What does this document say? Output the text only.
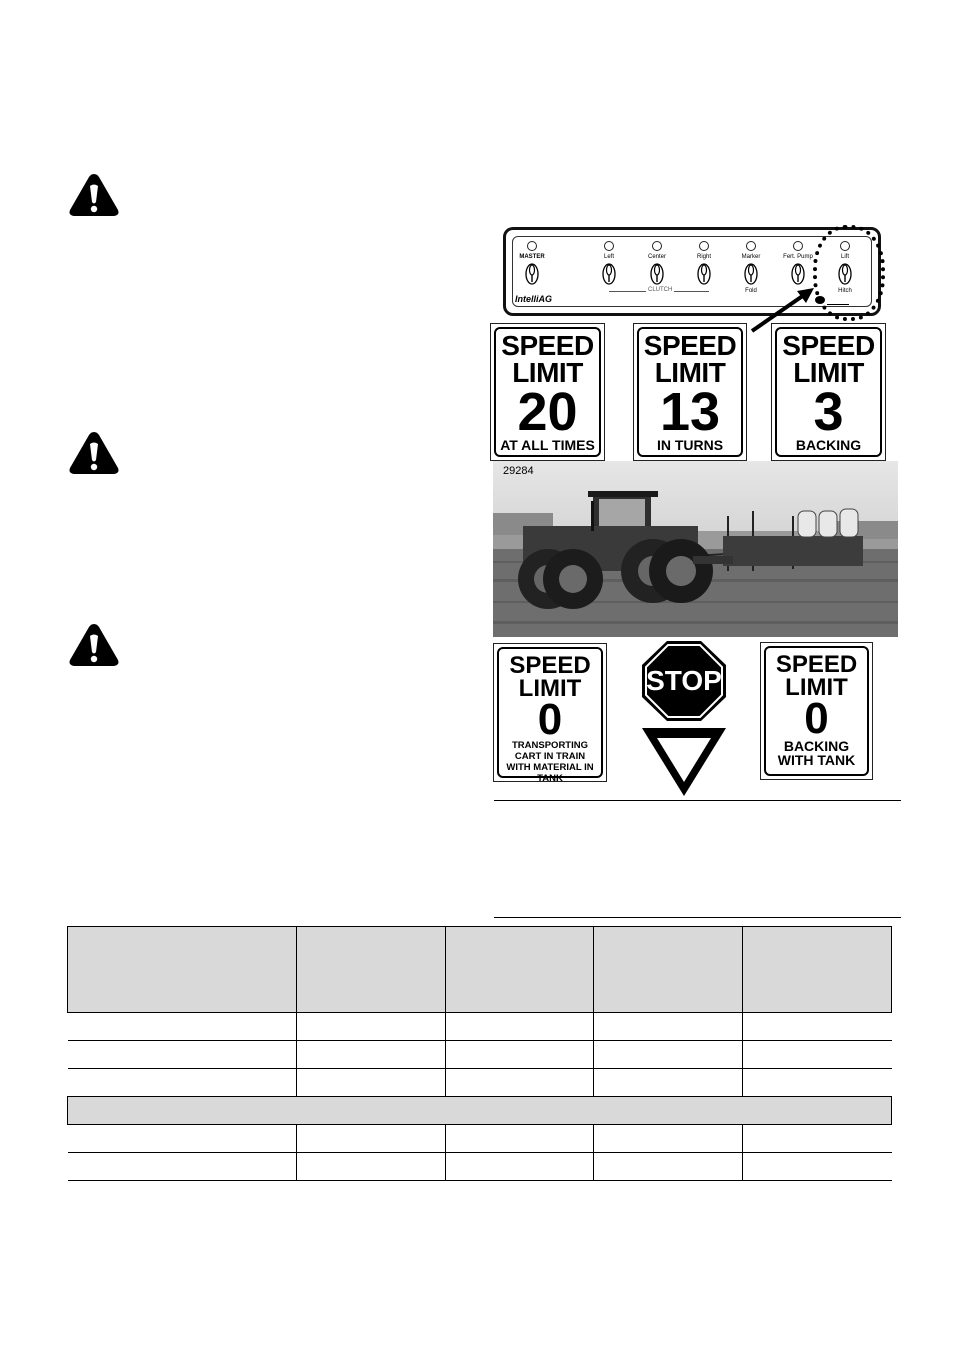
MASTER	Left	Center	Right	Marker	Fert. Pump	Lift
Fold	Hitch
CLUTCH
IntelliAG
SPEED
LIMIT
20
AT ALL TIMES
SPEED
LIMIT
13
IN TURNS
SPEED
LIMIT
3
BACKING
29284
SPEED
LIMIT
0
TRANSPORTING CART IN TRAIN WITH MATERIAL IN TANK
STOP
SPEED
LIMIT
0
BACKING WITH TANK
